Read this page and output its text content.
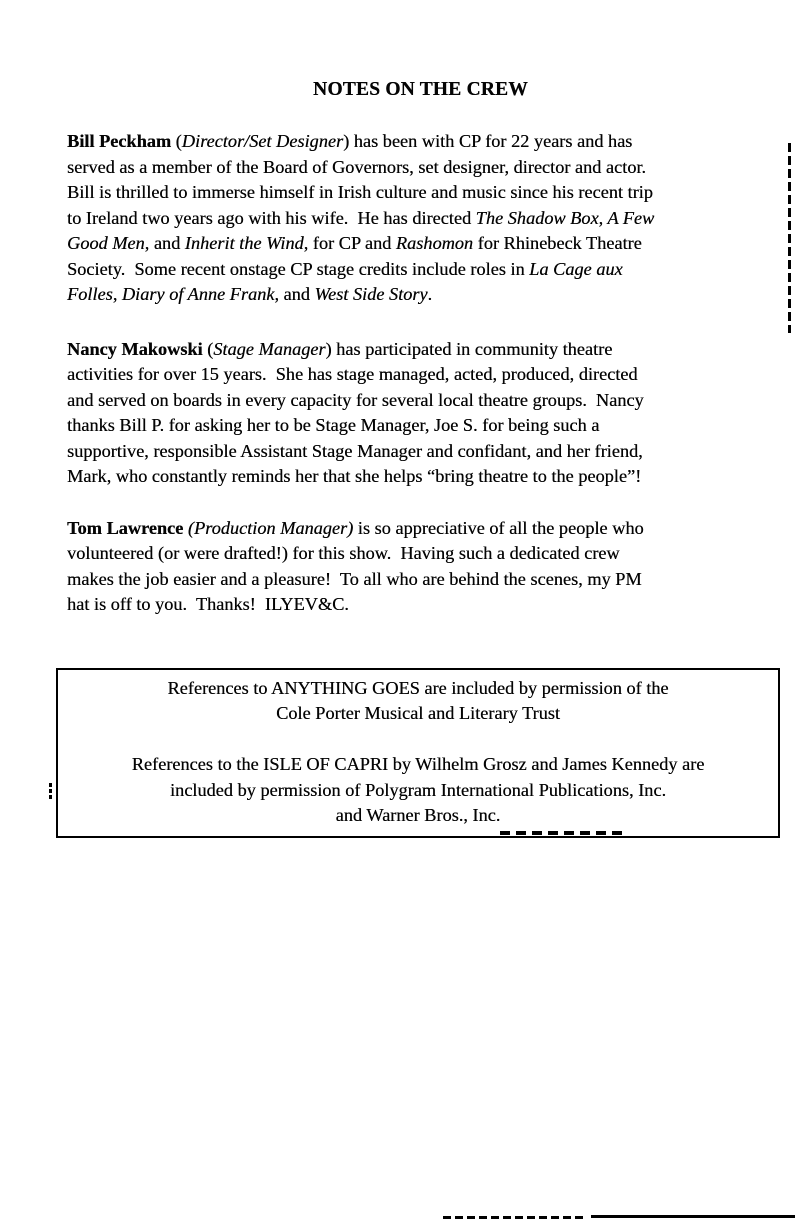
NOTES ON THE CREW
Bill Peckham (Director/Set Designer) has been with CP for 22 years and has
served as a member of the Board of Governors, set designer, director and actor.
Bill is thrilled to immerse himself in Irish culture and music since his recent trip
to Ireland two years ago with his wife.  He has directed The Shadow Box, A Few
Good Men, and Inherit the Wind, for CP and Rashomon for Rhinebeck Theatre
Society.  Some recent onstage CP stage credits include roles in La Cage aux
Folles, Diary of Anne Frank, and West Side Story.
Nancy Makowski (Stage Manager) has participated in community theatre
activities for over 15 years.  She has stage managed, acted, produced, directed
and served on boards in every capacity for several local theatre groups.  Nancy
thanks Bill P. for asking her to be Stage Manager, Joe S. for being such a
supportive, responsible Assistant Stage Manager and confidant, and her friend,
Mark, who constantly reminds her that she helps “bring theatre to the people”!
Tom Lawrence (Production Manager) is so appreciative of all the people who
volunteered (or were drafted!) for this show.  Having such a dedicated crew
makes the job easier and a pleasure!  To all who are behind the scenes, my PM
hat is off to you.  Thanks!  ILYEV&C.
References to ANYTHING GOES are included by permission of the
Cole Porter Musical and Literary Trust

References to the ISLE OF CAPRI by Wilhelm Grosz and James Kennedy are
included by permission of Polygram International Publications, Inc.
and Warner Bros., Inc.
